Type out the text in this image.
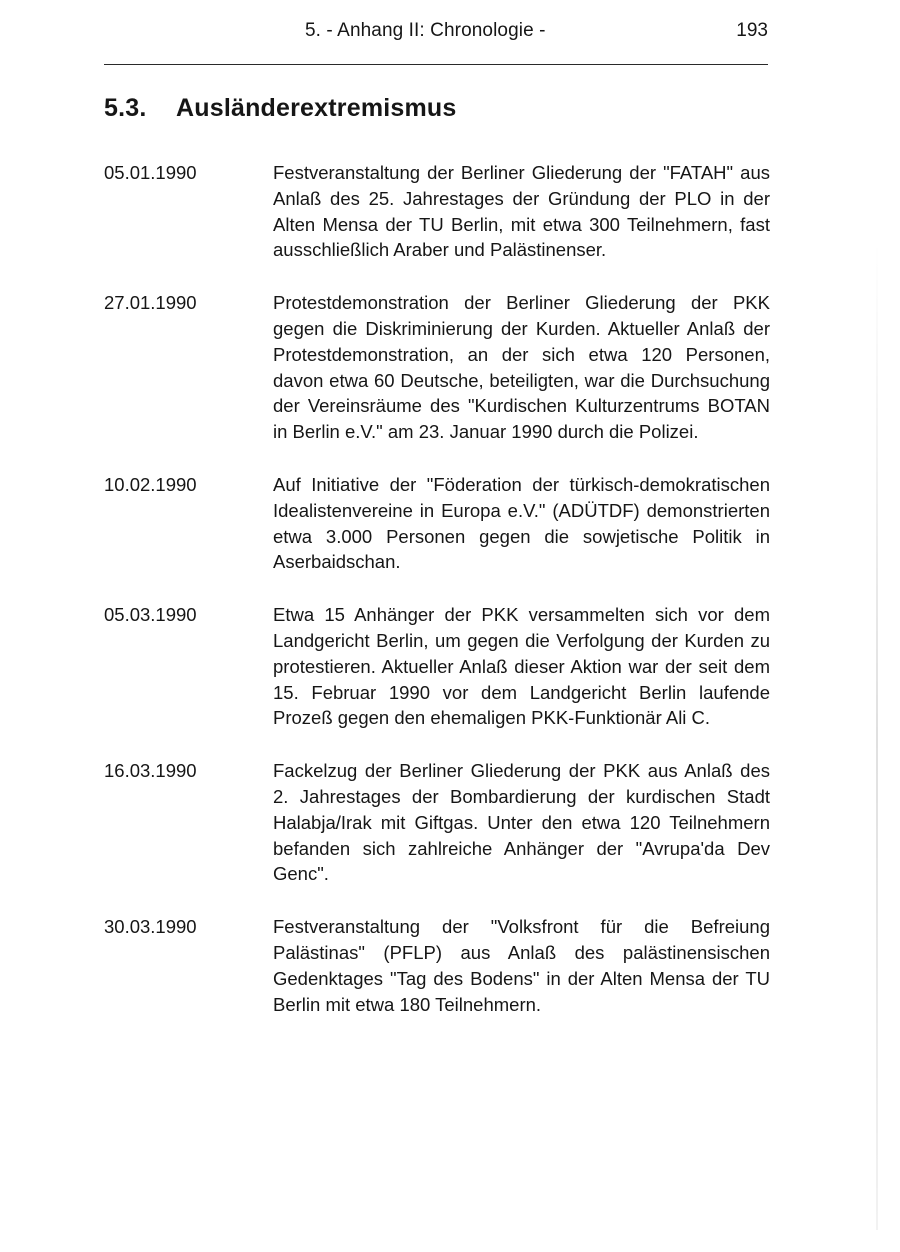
5. - Anhang II: Chronologie -	193
5.3. Ausländerextremismus
05.01.1990	Festveranstaltung der Berliner Gliederung der "FATAH" aus Anlaß des 25. Jahrestages der Gründung der PLO in der Alten Mensa der TU Berlin, mit etwa 300 Teilnehmern, fast ausschließlich Araber und Palästinenser.
27.01.1990	Protestdemonstration der Berliner Gliederung der PKK gegen die Diskriminierung der Kurden. Aktueller Anlaß der Protestdemonstration, an der sich etwa 120 Personen, davon etwa 60 Deutsche, beteiligten, war die Durchsuchung der Vereinsräume des "Kurdischen Kulturzentrums BOTAN in Berlin e.V." am 23. Januar 1990 durch die Polizei.
10.02.1990	Auf Initiative der "Föderation der türkisch-demokratischen Idealistenvereine in Europa e.V." (ADÜTDF) demonstrierten etwa 3.000 Personen gegen die sowjetische Politik in Aserbaidschan.
05.03.1990	Etwa 15 Anhänger der PKK versammelten sich vor dem Landgericht Berlin, um gegen die Verfolgung der Kurden zu protestieren. Aktueller Anlaß dieser Aktion war der seit dem 15. Februar 1990 vor dem Landgericht Berlin laufende Prozeß gegen den ehemaligen PKK-Funktionär Ali C.
16.03.1990	Fackelzug der Berliner Gliederung der PKK aus Anlaß des 2. Jahrestages der Bombardierung der kurdischen Stadt Halabja/Irak mit Giftgas. Unter den etwa 120 Teilnehmern befanden sich zahlreiche Anhänger der "Avrupa'da Dev Genc".
30.03.1990	Festveranstaltung der "Volksfront für die Befreiung Palästinas" (PFLP) aus Anlaß des palästinensischen Gedenktages "Tag des Bodens" in der Alten Mensa der TU Berlin mit etwa 180 Teilnehmern.
